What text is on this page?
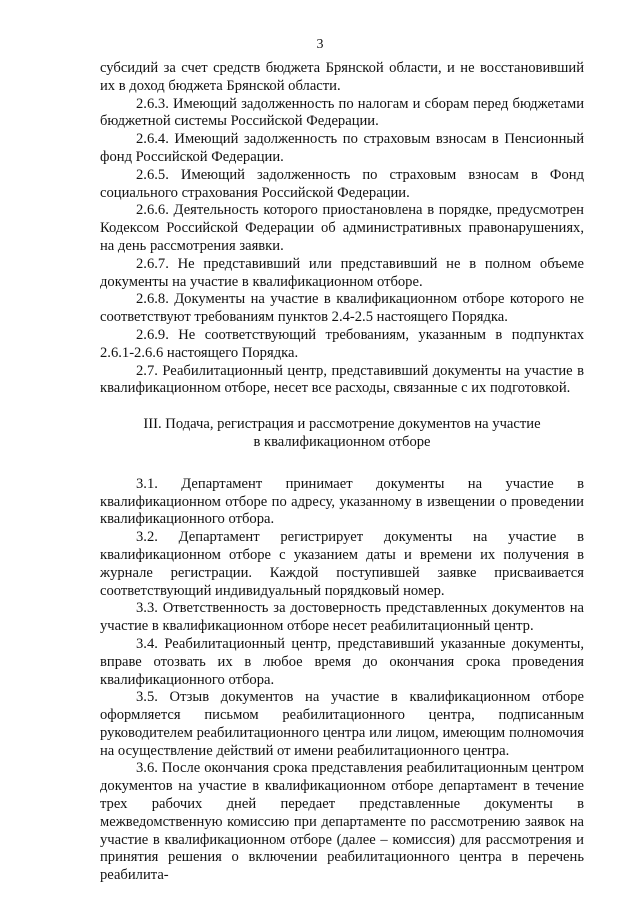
3

субсидий за счет средств бюджета Брянской области, и не восстановивший их в доход бюджета Брянской области.

2.6.3. Имеющий задолженность по налогам и сборам перед бюджетами бюджетной системы Российской Федерации.

2.6.4. Имеющий задолженность по страховым взносам в Пенсионный фонд Российской Федерации.

2.6.5. Имеющий задолженность по страховым взносам в Фонд социального страхования Российской Федерации.

2.6.6. Деятельность которого приостановлена в порядке, предусмотрен Кодексом Российской Федерации об административных правонарушениях, на день рассмотрения заявки.

2.6.7. Не представивший или представивший не в полном объеме документы на участие в квалификационном отборе.

2.6.8. Документы на участие в квалификационном отборе которого не соответствуют требованиям пунктов 2.4-2.5 настоящего Порядка.

2.6.9. Не соответствующий требованиям, указанным в подпунктах 2.6.1-2.6.6 настоящего Порядка.

2.7. Реабилитационный центр, представивший документы на участие в квалификационном отборе, несет все расходы, связанные с их подготовкой.

III. Подача, регистрация и рассмотрение документов на участие
в квалификационном отборе

3.1. Департамент принимает документы на участие в квалификационном отборе по адресу, указанному в извещении о проведении квалификационного отбора.

3.2. Департамент регистрирует документы на участие в квалификационном отборе с указанием даты и времени их получения в журнале регистрации. Каждой поступившей заявке присваивается соответствующий индивидуальный порядковый номер.

3.3. Ответственность за достоверность представленных документов на участие в квалификационном отборе несет реабилитационный центр.

3.4. Реабилитационный центр, представивший указанные документы, вправе отозвать их в любое время до окончания срока проведения квалификационного отбора.

3.5. Отзыв документов на участие в квалификационном отборе оформляется письмом реабилитационного центра, подписанным руководителем реабилитационного центра или лицом, имеющим полномочия на осуществление действий от имени реабилитационного центра.

3.6. После окончания срока представления реабилитационным центром документов на участие в квалификационном отборе департамент в течение трех рабочих дней передает представленные документы в межведомственную комиссию при департаменте по рассмотрению заявок на участие в квалификационном отборе (далее – комиссия) для рассмотрения и принятия решения о включении реабилитационного центра в перечень реабилита-
